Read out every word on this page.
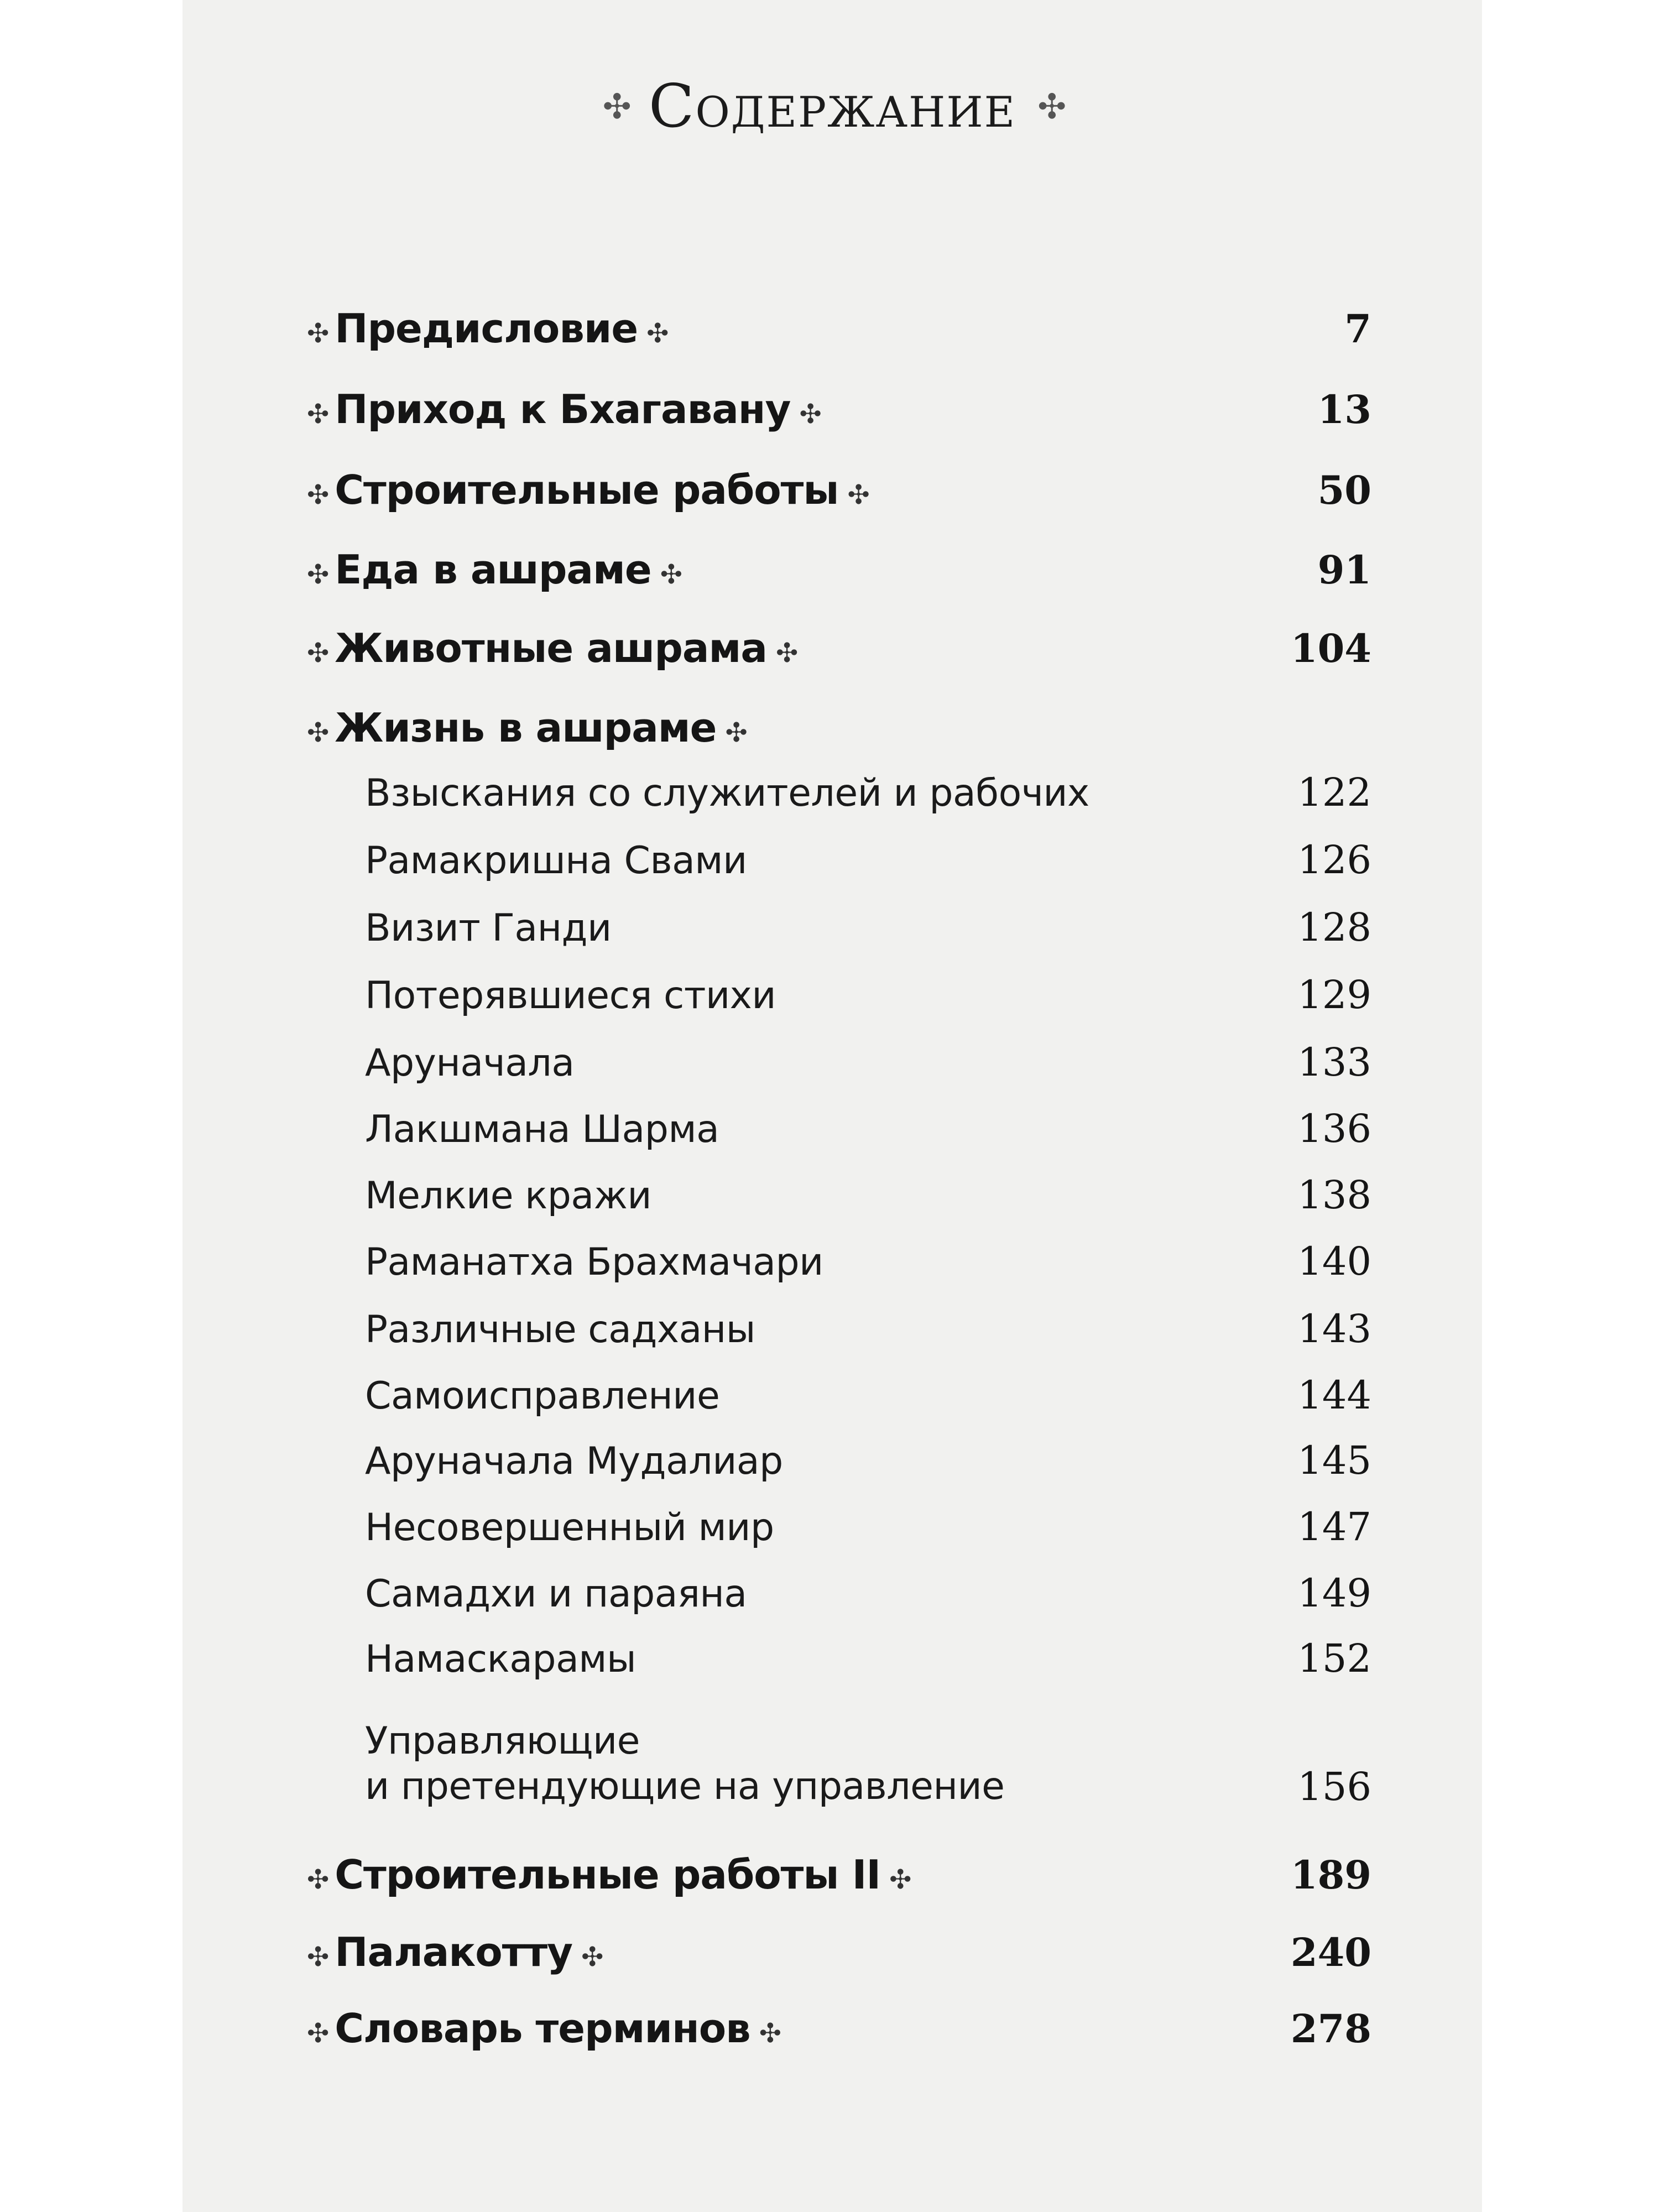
✣ Содержание ✣
✣ Предисловие ✣	7
✣ Приход к Бхагавану ✣	13
✣ Строительные работы ✣	50
✣ Еда в ашраме ✣	91
✣ Животные ашрама ✣	104
✣ Жизнь в ашраме ✣
Взыскания со служителей и рабочих	122
Рамакришна Свами	126
Визит Ганди	128
Потерявшиеся стихи	129
Аруначала	133
Лакшмана Шарма	136
Мелкие кражи	138
Раманатха Брахмачари	140
Различные садханы	143
Самоисправление	144
Аруначала Мудалиар	145
Несовершенный мир	147
Самадхи и параяна	149
Намаскарамы	152
Управляющие
и претендующие на управление	156
✣ Строительные работы II ✣	189
✣ Палакотту ✣	240
✣ Словарь терминов ✣	278
